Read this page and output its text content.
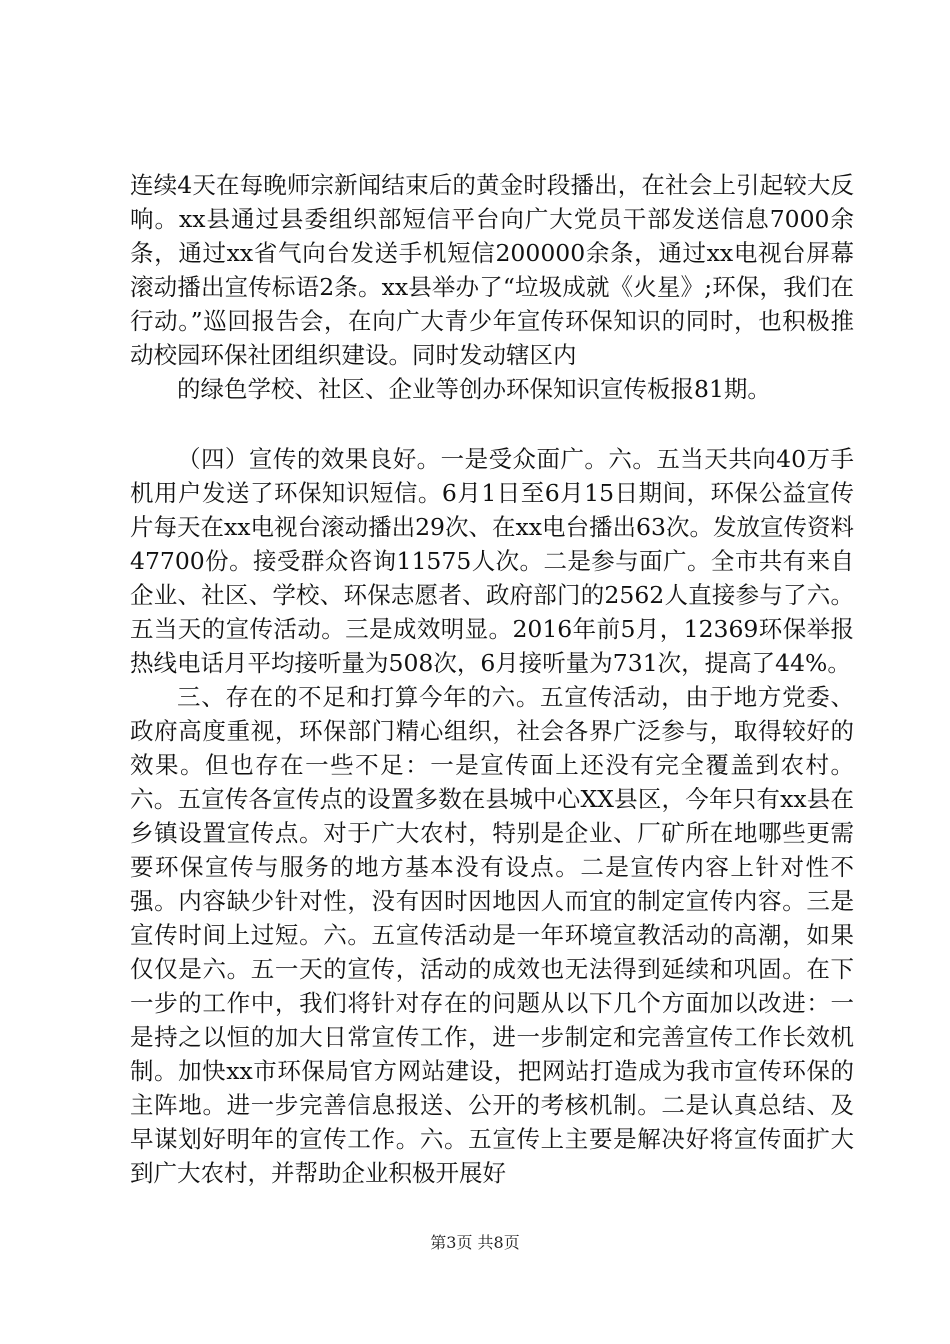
连续4天在每晚师宗新闻结束后的黄金时段播出，在社会上引起较大反响。xx县通过县委组织部短信平台向广大党员干部发送信息7000余条，通过xx省气向台发送手机短信200000余条，通过xx电视台屏幕滚动播出宣传标语2条。xx县举办了“垃圾成就《火星》;环保，我们在行动。”巡回报告会，在向广大青少年宣传环保知识的同时，也积极推动校园环保社团组织建设。同时发动辖区内

的绿色学校、社区、企业等创办环保知识宣传板报81期。

（四）宣传的效果良好。一是受众面广。六。五当天共向40万手机用户发送了环保知识短信。6月1日至6月15日期间，环保公益宣传片每天在xx电视台滚动播出29次、在xx电台播出63次。发放宣传资料47700份。接受群众咨询11575人次。二是参与面广。全市共有来自企业、社区、学校、环保志愿者、政府部门的2562人直接参与了六。五当天的宣传活动。三是成效明显。2016年前5月，12369环保举报热线电话月平均接听量为508次，6月接听量为731次，提高了44%。

三、存在的不足和打算今年的六。五宣传活动，由于地方党委、政府高度重视，环保部门精心组织，社会各界广泛参与，取得较好的效果。但也存在一些不足：一是宣传面上还没有完全覆盖到农村。六。五宣传各宣传点的设置多数在县城中心XX县区，今年只有xx县在乡镇设置宣传点。对于广大农村，特别是企业、厂矿所在地哪些更需要环保宣传与服务的地方基本没有设点。二是宣传内容上针对性不强。内容缺少针对性，没有因时因地因人而宜的制定宣传内容。三是宣传时间上过短。六。五宣传活动是一年环境宣教活动的高潮，如果仅仅是六。五一天的宣传，活动的成效也无法得到延续和巩固。在下一步的工作中，我们将针对存在的问题从以下几个方面加以改进：一是持之以恒的加大日常宣传工作，进一步制定和完善宣传工作长效机制。加快xx市环保局官方网站建设，把网站打造成为我市宣传环保的主阵地。进一步完善信息报送、公开的考核机制。二是认真总结、及早谋划好明年的宣传工作。六。五宣传上主要是解决好将宣传面扩大到广大农村，并帮助企业积极开展好

第3页 共8页
